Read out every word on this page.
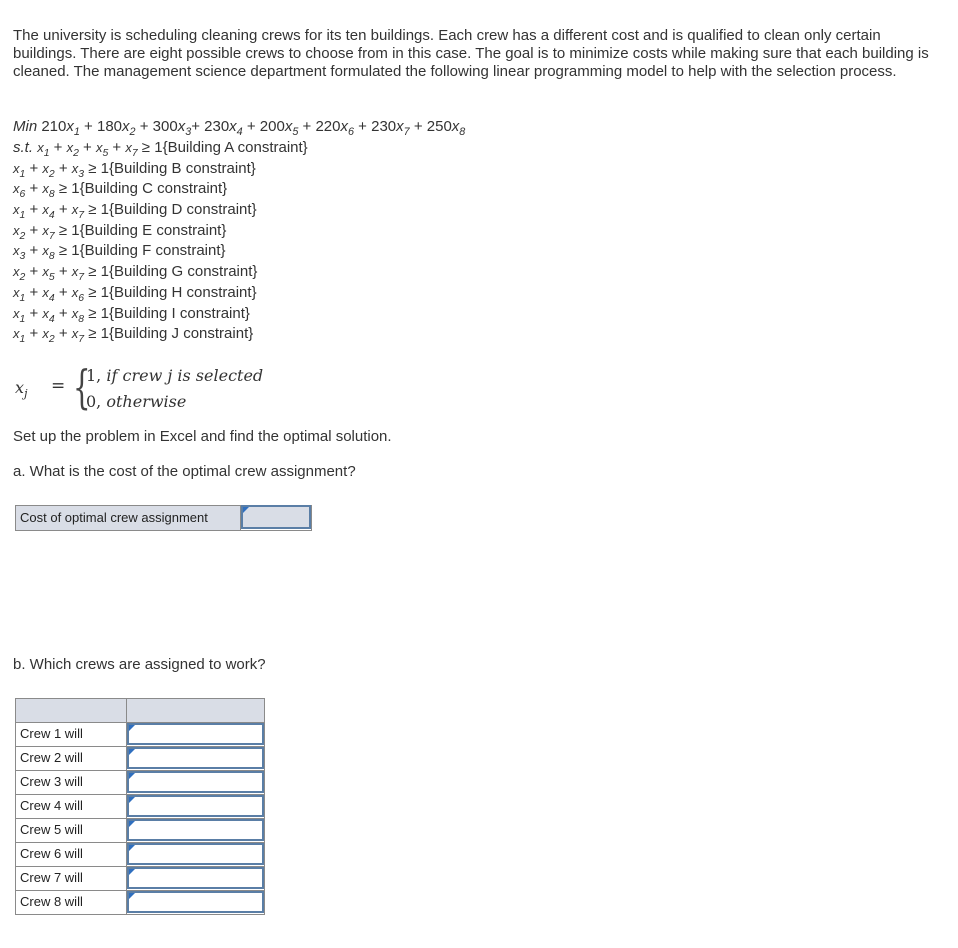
The university is scheduling cleaning crews for its ten buildings. Each crew has a different cost and is qualified to clean only certain buildings. There are eight possible crews to choose from in this case. The goal is to minimize costs while making sure that each building is cleaned. The management science department formulated the following linear programming model to help with the selection process.
Min $210x_1 + 180x_2 + 300x_3+ 230x_4 + 200x_5 + 220x_6 + 230x_7 + 250x_8$
s.t. $x_1 + x_2 + x_5 + x_7$ ≥ 1{Building A constraint}
$x_1 + x_2 + x_3$ ≥ 1{Building B constraint}
$x_6 + x_8$ ≥ 1{Building C constraint}
$x_1 + x_4 + x_7$ ≥ 1{Building D constraint}
$x_2 + x_7$ ≥ 1{Building E constraint}
$x_3 + x_8$ ≥ 1{Building F constraint}
$x_2 + x_5 + x_7$ ≥ 1{Building G constraint}
$x_1 + x_4 + x_6$ ≥ 1{Building H constraint}
$x_1 + x_4 + x_8$ ≥ 1{Building I constraint}
$x_1 + x_2 + x_7$ ≥ 1{Building J constraint}
$x_j$ = {
1, if crew j is selected
0, otherwise
Set up the problem in Excel and find the optimal solution.
a. What is the cost of the optimal crew assignment?
Cost of optimal crew assignment
b. Which crews are assigned to work?
Crew 1 will
Crew 2 will
Crew 3 will
Crew 4 will
Crew 5 will
Crew 6 will
Crew 7 will
Crew 8 will
